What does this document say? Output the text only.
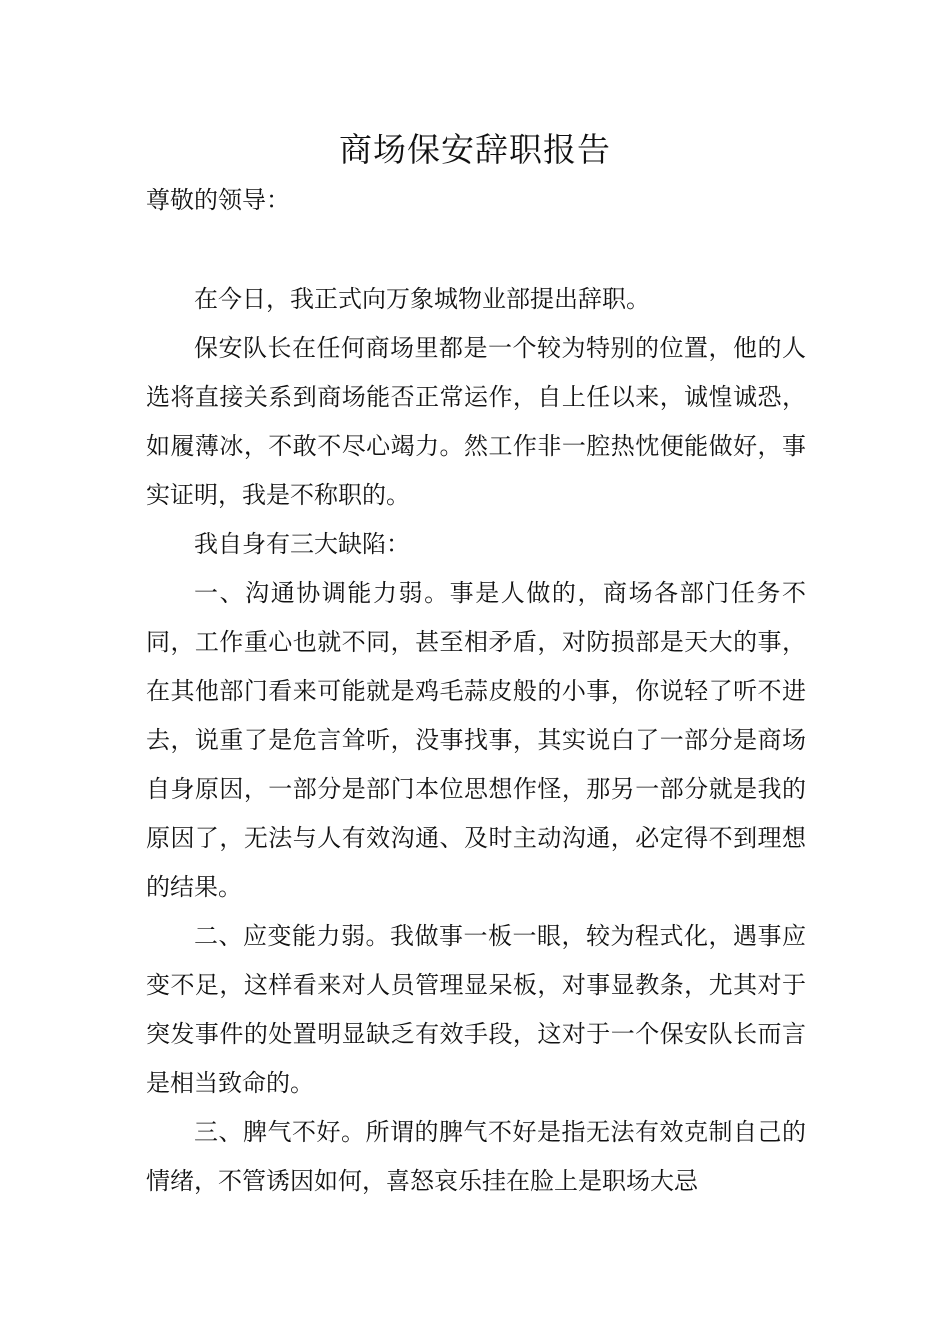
商场保安辞职报告
尊敬的领导：

在今日，我正式向万象城物业部提出辞职。

保安队长在任何商场里都是一个较为特别的位置，他的人选将直接关系到商场能否正常运作，自上任以来，诚惶诚恐，如履薄冰，不敢不尽心竭力。然工作非一腔热忱便能做好，事实证明，我是不称职的。

我自身有三大缺陷：

一、沟通协调能力弱。事是人做的，商场各部门任务不同，工作重心也就不同，甚至相矛盾，对防损部是天大的事，在其他部门看来可能就是鸡毛蒜皮般的小事，你说轻了听不进去，说重了是危言耸听，没事找事，其实说白了一部分是商场自身原因，一部分是部门本位思想作怪，那另一部分就是我的原因了，无法与人有效沟通、及时主动沟通，必定得不到理想的结果。

二、应变能力弱。我做事一板一眼，较为程式化，遇事应变不足，这样看来对人员管理显呆板，对事显教条，尤其对于突发事件的处置明显缺乏有效手段，这对于一个保安队长而言是相当致命的。

三、脾气不好。所谓的脾气不好是指无法有效克制自己的情绪，不管诱因如何，喜怒哀乐挂在脸上是职场大忌
